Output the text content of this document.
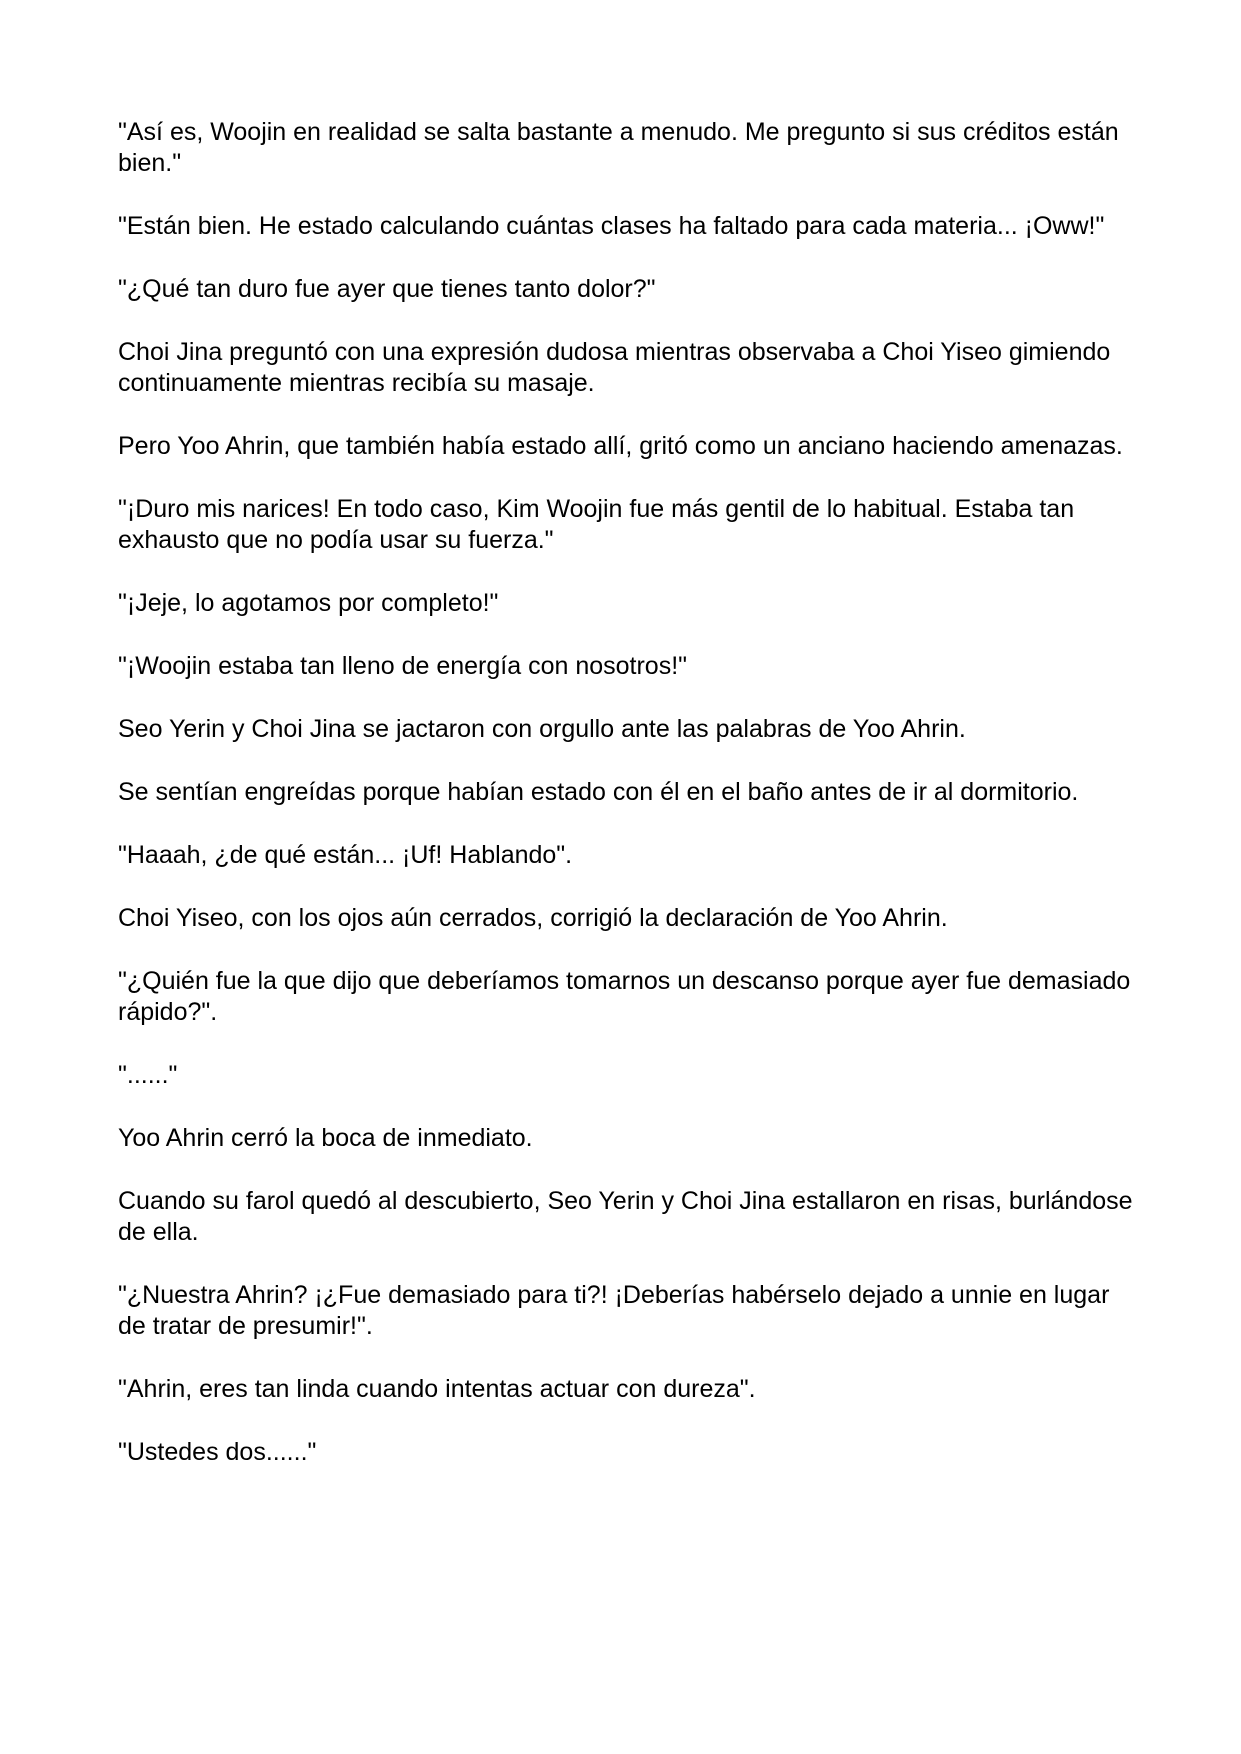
"Así es, Woojin en realidad se salta bastante a menudo. Me pregunto si sus créditos están bien."

"Están bien. He estado calculando cuántas clases ha faltado para cada materia... ¡Oww!"

"¿Qué tan duro fue ayer que tienes tanto dolor?"

Choi Jina preguntó con una expresión dudosa mientras observaba a Choi Yiseo gimiendo continuamente mientras recibía su masaje.

Pero Yoo Ahrin, que también había estado allí, gritó como un anciano haciendo amenazas.

"¡Duro mis narices! En todo caso, Kim Woojin fue más gentil de lo habitual. Estaba tan exhausto que no podía usar su fuerza."

"¡Jeje, lo agotamos por completo!"

"¡Woojin estaba tan lleno de energía con nosotros!"

Seo Yerin y Choi Jina se jactaron con orgullo ante las palabras de Yoo Ahrin.

Se sentían engreídas porque habían estado con él en el baño antes de ir al dormitorio.

"Haaah, ¿de qué están... ¡Uf! Hablando".

Choi Yiseo, con los ojos aún cerrados, corrigió la declaración de Yoo Ahrin.

"¿Quién fue la que dijo que deberíamos tomarnos un descanso porque ayer fue demasiado rápido?".

"......"

Yoo Ahrin cerró la boca de inmediato.

Cuando su farol quedó al descubierto, Seo Yerin y Choi Jina estallaron en risas, burlándose de ella.

"¿Nuestra Ahrin? ¡¿Fue demasiado para ti?! ¡Deberías habérselo dejado a unnie en lugar de tratar de presumir!".

"Ahrin, eres tan linda cuando intentas actuar con dureza".

"Ustedes dos......"
